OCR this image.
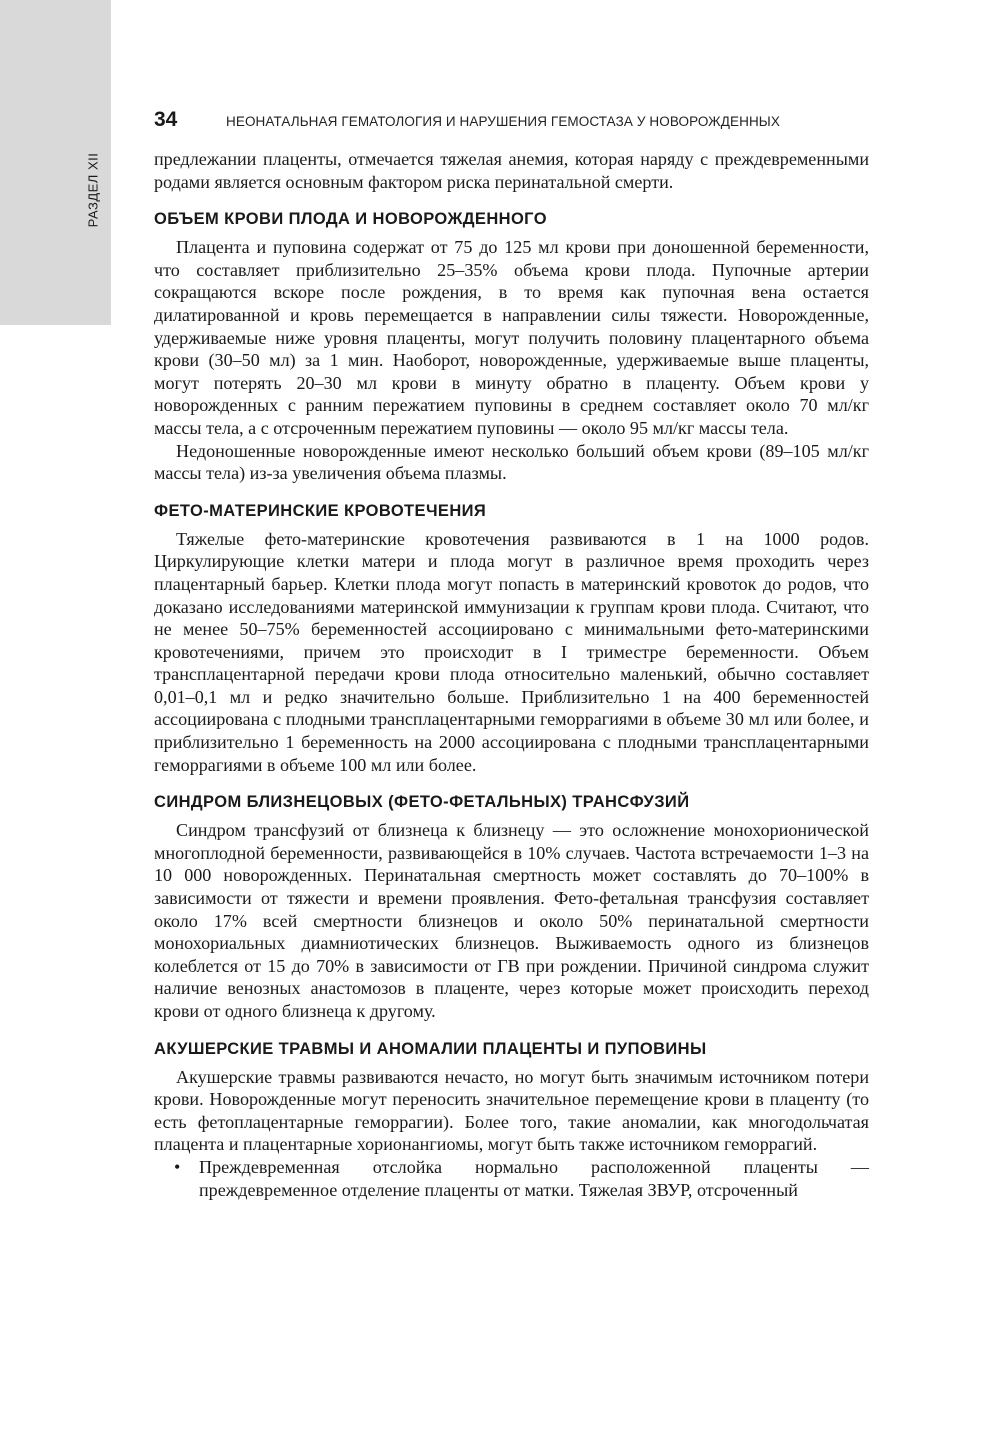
РАЗДЕЛ XII
34	НЕОНАТАЛЬНАЯ ГЕМАТОЛОГИЯ И НАРУШЕНИЯ ГЕМОСТАЗА У НОВОРОЖДЕННЫХ

предлежании плаценты, отмечается тяжелая анемия, которая наряду с преждевременными родами является основным фактором риска перинатальной смерти.

ОБЪЕМ КРОВИ ПЛОДА И НОВОРОЖДЕННОГО

Плацента и пуповина содержат от 75 до 125 мл крови при доношенной беременности, что составляет приблизительно 25–35% объема крови плода. Пупочные артерии сокращаются вскоре после рождения, в то время как пупочная вена остается дилатированной и кровь перемещается в направлении силы тяжести. Новорожденные, удерживаемые ниже уровня плаценты, могут получить половину плацентарного объема крови (30–50 мл) за 1 мин. Наоборот, новорожденные, удерживаемые выше плаценты, могут потерять 20–30 мл крови в минуту обратно в плаценту. Объем крови у новорожденных с ранним пережатием пуповины в среднем составляет около 70 мл/кг массы тела, а с отсроченным пережатием пуповины — около 95 мл/кг массы тела.

Недоношенные новорожденные имеют несколько больший объем крови (89–105 мл/кг массы тела) из-за увеличения объема плазмы.

ФЕТО-МАТЕРИНСКИЕ КРОВОТЕЧЕНИЯ

Тяжелые фето-материнские кровотечения развиваются в 1 на 1000 родов. Циркулирующие клетки матери и плода могут в различное время проходить через плацентарный барьер. Клетки плода могут попасть в материнский кровоток до родов, что доказано исследованиями материнской иммунизации к группам крови плода. Считают, что не менее 50–75% беременностей ассоциировано с минимальными фето-материнскими кровотечениями, причем это происходит в I триместре беременности. Объем трансплацентарной передачи крови плода относительно маленький, обычно составляет 0,01–0,1 мл и редко значительно больше. Приблизительно 1 на 400 беременностей ассоциирована с плодными трансплацентарными геморрагиями в объеме 30 мл или более, и приблизительно 1 беременность на 2000 ассоциирована с плодными трансплацентарными геморрагиями в объеме 100 мл или более.

СИНДРОМ БЛИЗНЕЦОВЫХ (ФЕТО-ФЕТАЛЬНЫХ) ТРАНСФУЗИЙ

Синдром трансфузий от близнеца к близнецу — это осложнение монохорионической многоплодной беременности, развивающейся в 10% случаев. Частота встречаемости 1–3 на 10 000 новорожденных. Перинатальная смертность может составлять до 70–100% в зависимости от тяжести и времени проявления. Фето-фетальная трансфузия составляет около 17% всей смертности близнецов и около 50% перинатальной смертности монохориальных диамниотических близнецов. Выживаемость одного из близнецов колеблется от 15 до 70% в зависимости от ГВ при рождении. Причиной синдрома служит наличие венозных анастомозов в плаценте, через которые может происходить переход крови от одного близнеца к другому.

АКУШЕРСКИЕ ТРАВМЫ И АНОМАЛИИ ПЛАЦЕНТЫ И ПУПОВИНЫ

Акушерские травмы развиваются нечасто, но могут быть значимым источником потери крови. Новорожденные могут переносить значительное перемещение крови в плаценту (то есть фетоплацентарные геморрагии). Более того, такие аномалии, как многодольчатая плацента и плацентарные хорионангиомы, могут быть также источником геморрагий.

•	Преждевременная отслойка нормально расположенной плаценты — преждевременное отделение плаценты от матки. Тяжелая ЗВУР, отсроченный
